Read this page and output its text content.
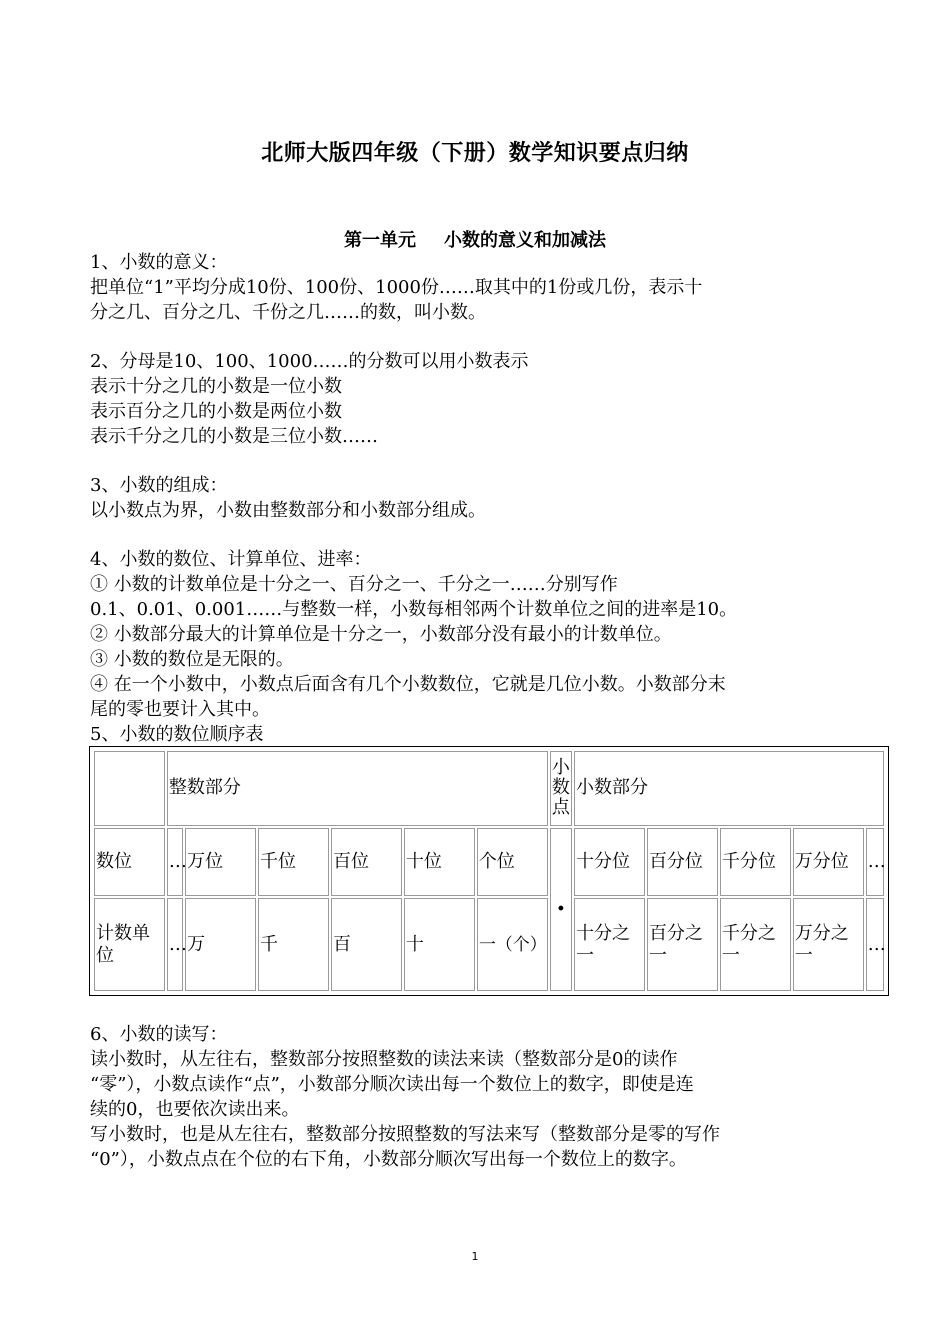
北师大版四年级（下册）数学知识要点归纳
第一单元 小数的意义和加减法
1、小数的意义：
把单位“1”平均分成10份、100份、1000份……取其中的1份或几份，表示十
分之几、百分之几、千份之几……的数，叫小数。
2、分母是10、100、1000……的分数可以用小数表示
表示十分之几的小数是一位小数
表示百分之几的小数是两位小数
表示千分之几的小数是三位小数……
3、小数的组成：
以小数点为界，小数由整数部分和小数部分组成。
4、小数的数位、计算单位、进率：
① 小数的计数单位是十分之一、百分之一、千分之一……分别写作
0.1、0.01、0.001……与整数一样，小数每相邻两个计数单位之间的进率是10。
② 小数部分最大的计算单位是十分之一，小数部分没有最小的计数单位。
③ 小数的数位是无限的。
④ 在一个小数中，小数点后面含有几个小数数位，它就是几位小数。小数部分末
尾的零也要计入其中。
5、小数的数位顺序表
	整数部分						小数点	小数部分				
数位	…	万位	千位	百位	十位	个位	·	十分位	百分位	千分位	万分位	…
计数单位	…	万	千	百	十	一（个）		十分之一	百分之一	千分之一	万分之一	…
6、小数的读写：
读小数时，从左往右，整数部分按照整数的读法来读（整数部分是0的读作
“零”），小数点读作“点”，小数部分顺次读出每一个数位上的数字，即使是连
续的0，也要依次读出来。
写小数时，也是从左往右，整数部分按照整数的写法来写（整数部分是零的写作
“0”），小数点点在个位的右下角，小数部分顺次写出每一个数位上的数字。
1
